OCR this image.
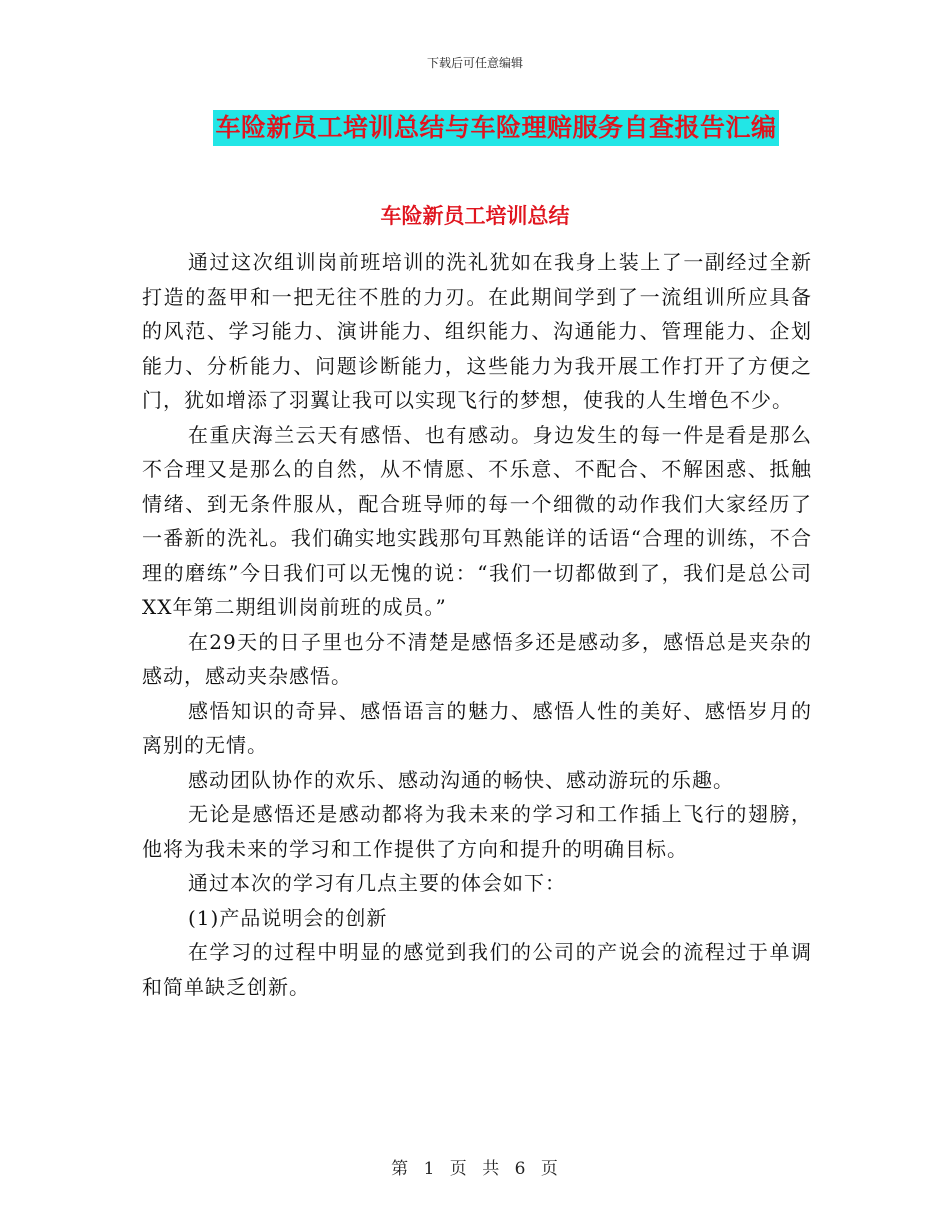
下载后可任意编辑
车险新员工培训总结与车险理赔服务自查报告汇编
车险新员工培训总结

通过这次组训岗前班培训的洗礼犹如在我身上装上了一副经过全新打造的盔甲和一把无往不胜的力刃。在此期间学到了一流组训所应具备的风范、学习能力、演讲能力、组织能力、沟通能力、管理能力、企划能力、分析能力、问题诊断能力，这些能力为我开展工作打开了方便之门，犹如增添了羽翼让我可以实现飞行的梦想，使我的人生增色不少。

在重庆海兰云天有感悟、也有感动。身边发生的每一件是看是那么不合理又是那么的自然，从不情愿、不乐意、不配合、不解困惑、抵触情绪、到无条件服从，配合班导师的每一个细微的动作我们大家经历了一番新的洗礼。我们确实地实践那句耳熟能详的话语“合理的训练，不合理的磨练”今日我们可以无愧的说：“我们一切都做到了，我们是总公司XX年第二期组训岗前班的成员。”

在29天的日子里也分不清楚是感悟多还是感动多，感悟总是夹杂的感动，感动夹杂感悟。

感悟知识的奇异、感悟语言的魅力、感悟人性的美好、感悟岁月的离别的无情。

感动团队协作的欢乐、感动沟通的畅快、感动游玩的乐趣。

无论是感悟还是感动都将为我未来的学习和工作插上飞行的翅膀，他将为我未来的学习和工作提供了方向和提升的明确目标。

通过本次的学习有几点主要的体会如下：

(1)产品说明会的创新

在学习的过程中明显的感觉到我们的公司的产说会的流程过于单调和简单缺乏创新。

第 1 页 共 6 页
